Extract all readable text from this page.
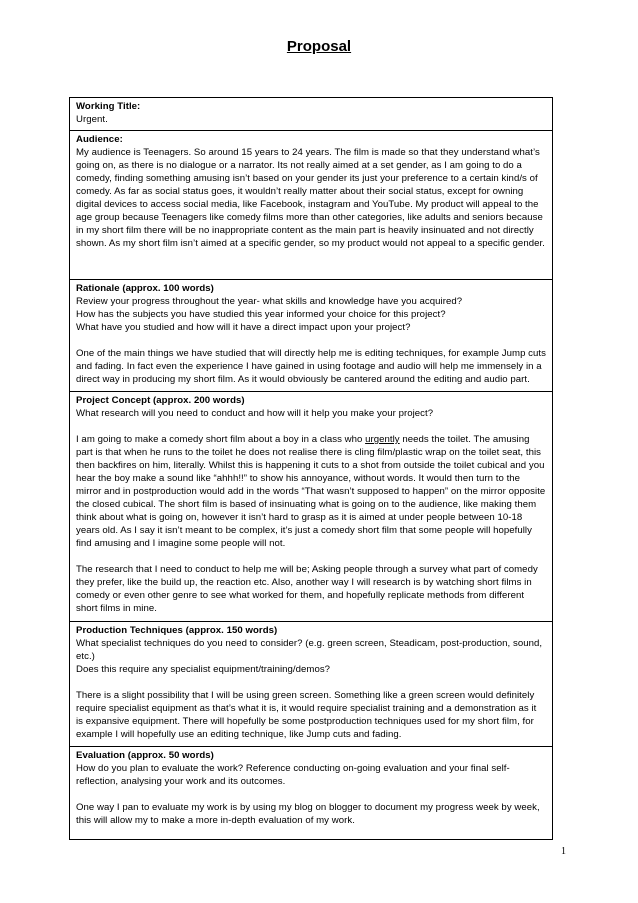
Proposal
Working Title:

Urgent.

Audience:

My audience is Teenagers. So around 15 years to 24 years. The film is made so that they understand what’s going on, as there is no dialogue or a narrator. Its not really aimed at a set gender, as I am going to do a comedy, finding something amusing isn’t based on your gender its just your preference to a certain kind/s of comedy. As far as social status goes, it wouldn’t really matter about their social status, except for owning digital devices to access social media, like Facebook, instagram and YouTube. My product will appeal to the age group because Teenagers like comedy films more than other categories, like adults and seniors because in my short film there will be no inappropriate content as the main part is heavily insinuated and not directly shown. As my short film isn’t aimed at a specific gender, so my product would not appeal to a specific gender.

Rationale (approx. 100 words)

Review your progress throughout the year- what skills and knowledge have you acquired?

How has the subjects you have studied this year informed your choice for this project?

What have you studied and how will it have a direct impact upon your project?

One of the main things we have studied that will directly help me is editing techniques, for example Jump cuts and fading. In fact even the experience I have gained in using footage and audio will help me immensely in a direct way in producing my short film. As it would obviously be cantered around the editing and audio part.

Project Concept (approx. 200 words)

What research will you need to conduct and how will it help you make your project?

I am going to make a comedy short film about a boy in a class who urgently needs the toilet. The amusing part is that when he runs to the toilet he does not realise there is cling film/plastic wrap on the toilet seat, this then backfires on him, literally. Whilst this is happening it cuts to a shot from outside the toilet cubical and you hear the boy make a sound like “ahhh!!” to show his annoyance, without words. It would then turn to the mirror and in postproduction would add in the words “That wasn’t supposed to happen” on the mirror opposite the closed cubical. The short film is based of insinuating what is going on to the audience, like making them think about what is going on, however it isn’t hard to grasp as it is aimed at under people between 10-18 years old. As I say it isn’t meant to be complex, it’s just a comedy short film that some people will hopefully find amusing and I imagine some people will not.

The research that I need to conduct to help me will be; Asking people through a survey what part of comedy they prefer, like the build up, the reaction etc. Also, another way I will research is by watching short films in comedy or even other genre to see what worked for them, and hopefully replicate methods from different short films in mine.

Production Techniques (approx. 150 words)

What specialist techniques do you need to consider? (e.g. green screen, Steadicam, post-production, sound, etc.)

Does this require any specialist equipment/training/demos?

There is a slight possibility that I will be using green screen. Something like a green screen would definitely require specialist equipment as that’s what it is, it would require specialist training and a demonstration as it is expansive equipment. There will hopefully be some postproduction techniques used for my short film, for example I will hopefully use an editing technique, like Jump cuts and fading.

Evaluation (approx. 50 words)

How do you plan to evaluate the work? Reference conducting on-going evaluation and your final self-reflection, analysing your work and its outcomes.

One way I pan to evaluate my work is by using my blog on blogger to document my progress week by week, this will allow my to make a more in-depth evaluation of my work.

1
